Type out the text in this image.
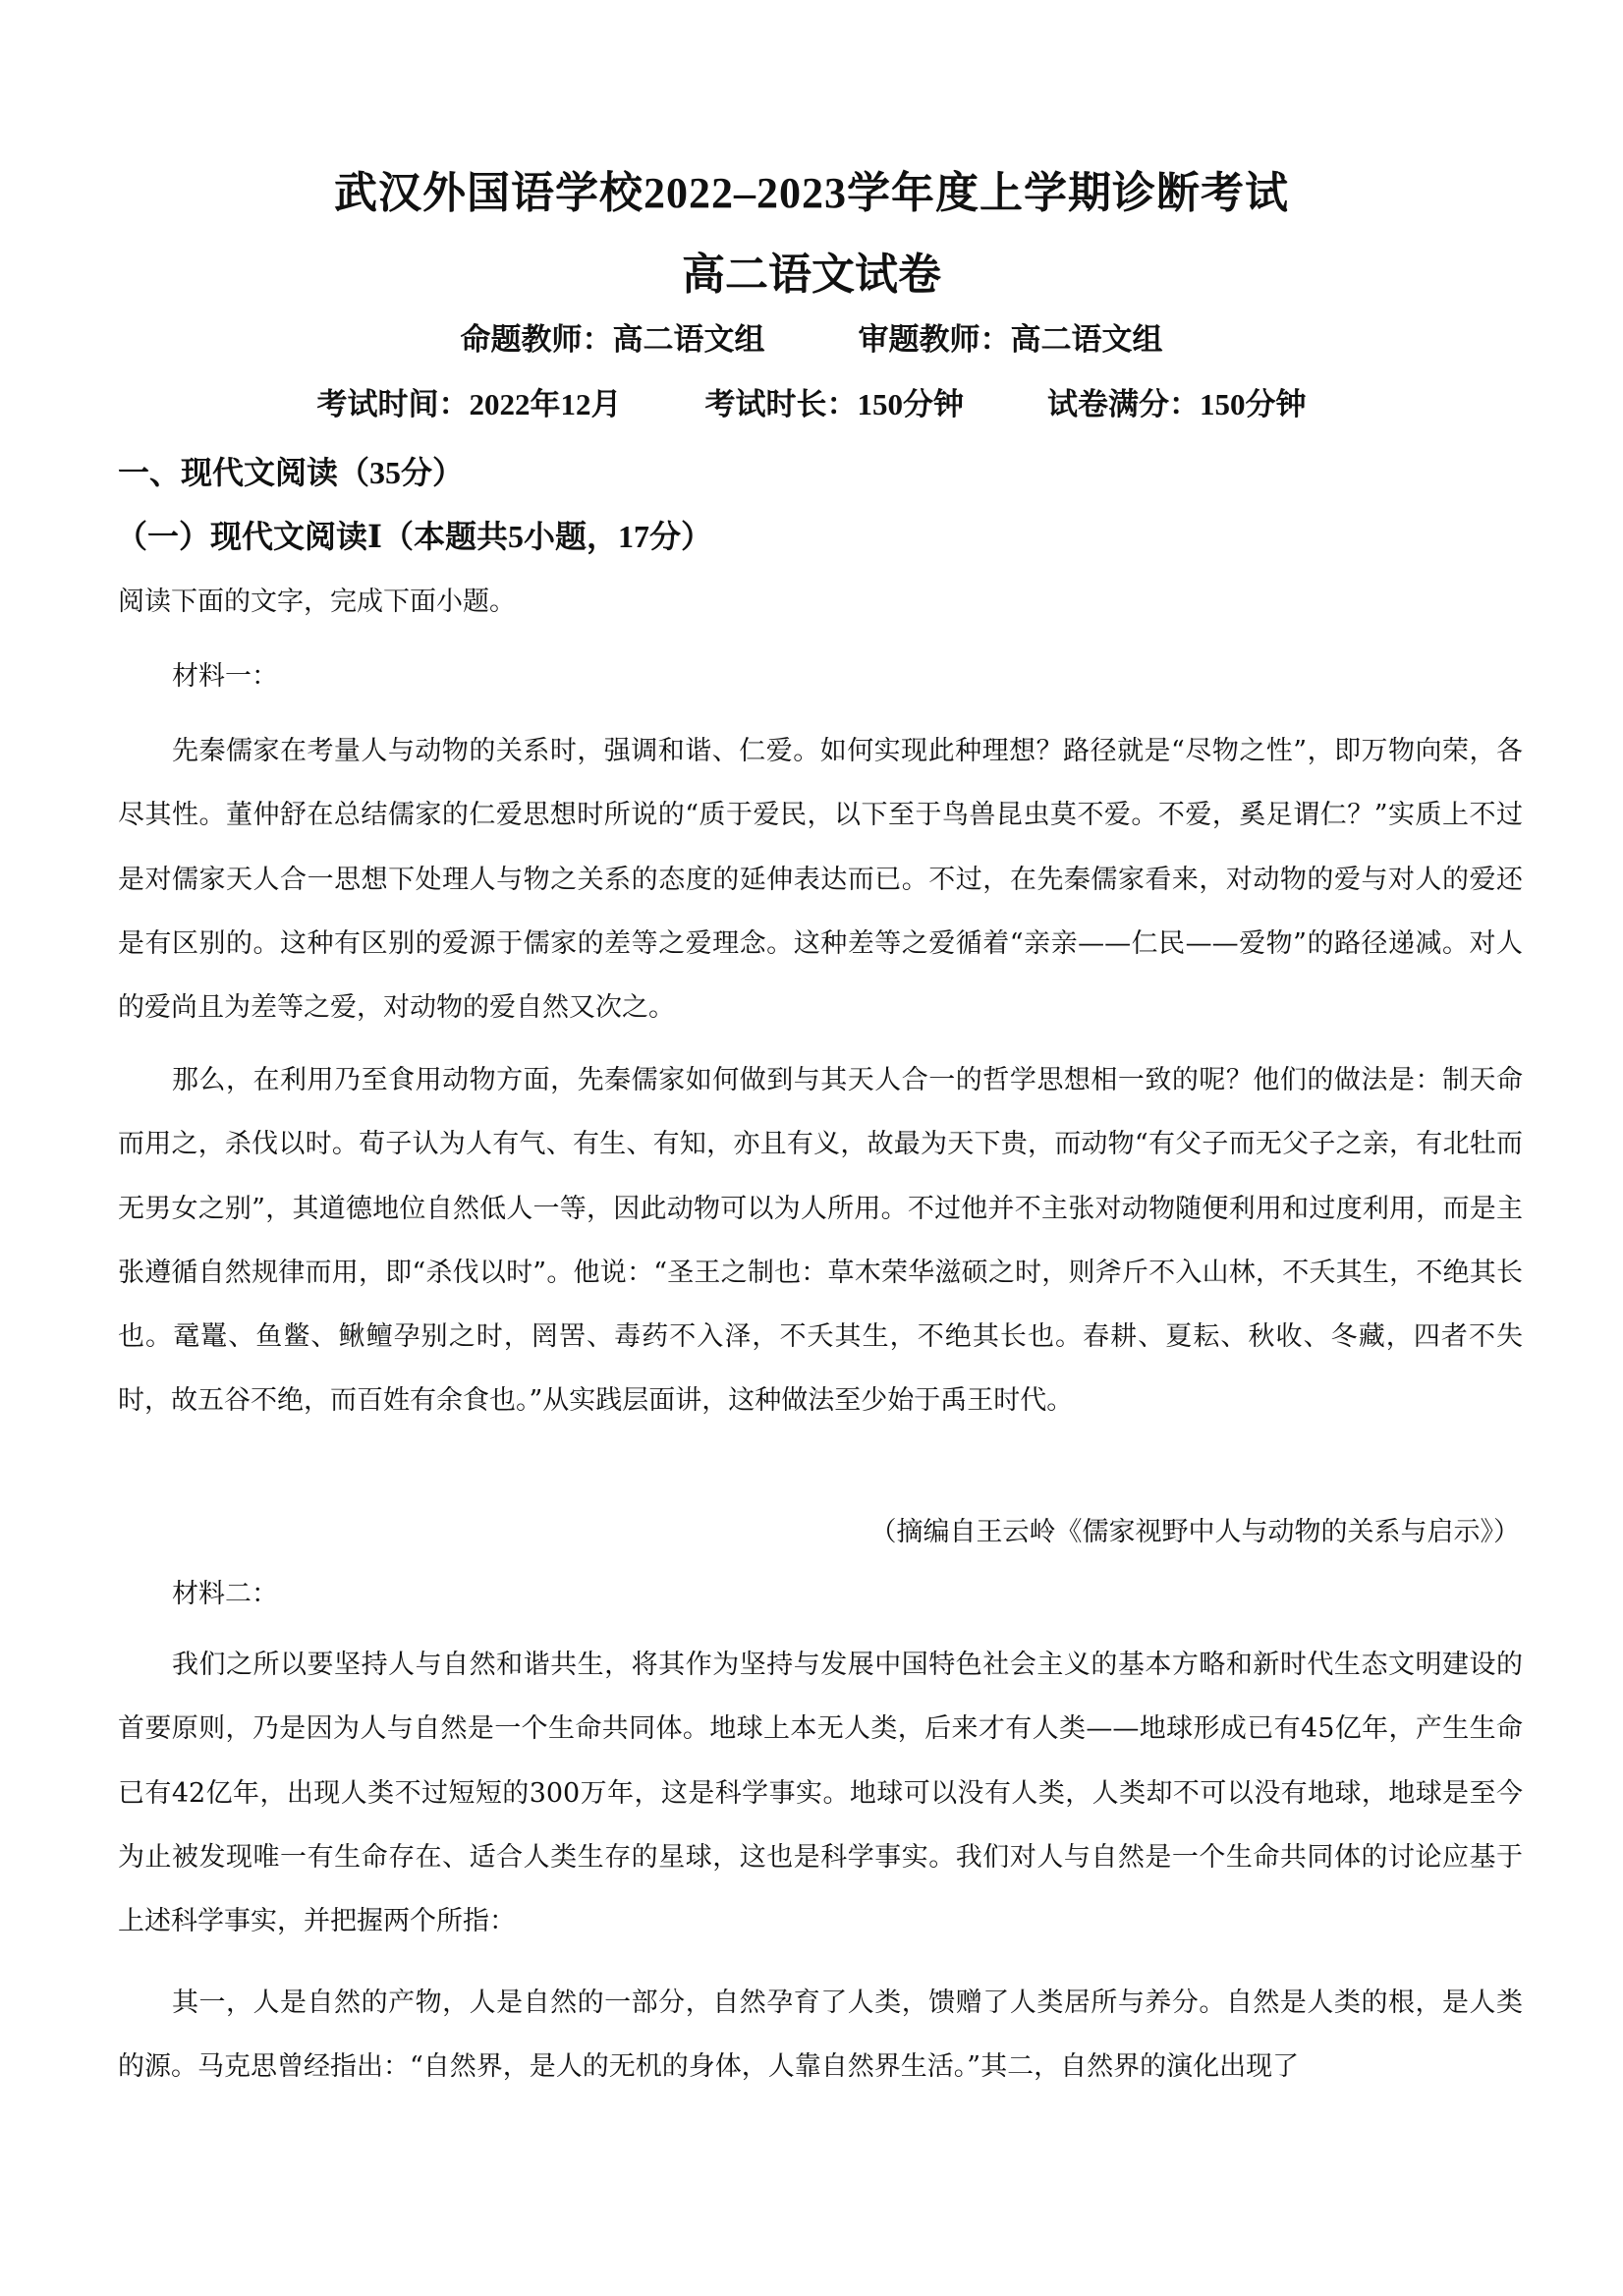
武汉外国语学校2022–2023学年度上学期诊断考试
高二语文试卷
命题教师：高二语文组	审题教师：高二语文组
考试时间：2022年12月	考试时长：150分钟	试卷满分：150分钟
一、现代文阅读（35分）
（一）现代文阅读Ⅰ（本题共5小题，17分）
阅读下面的文字，完成下面小题。
材料一：

先秦儒家在考量人与动物的关系时，强调和谐、仁爱。如何实现此种理想？路径就是“尽物之性”，即万物向荣，各尽其性。董仲舒在总结儒家的仁爱思想时所说的“质于爱民，以下至于鸟兽昆虫莫不爱。不爱，奚足谓仁？”实质上不过是对儒家天人合一思想下处理人与物之关系的态度的延伸表达而已。不过，在先秦儒家看来，对动物的爱与对人的爱还是有区别的。这种有区别的爱源于儒家的差等之爱理念。这种差等之爱循着“亲亲——仁民——爱物”的路径递减。对人的爱尚且为差等之爱，对动物的爱自然又次之。

那么，在利用乃至食用动物方面，先秦儒家如何做到与其天人合一的哲学思想相一致的呢？他们的做法是：制天命而用之，杀伐以时。荀子认为人有气、有生、有知，亦且有义，故最为天下贵，而动物“有父子而无父子之亲，有北牡而无男女之别”，其道德地位自然低人一等，因此动物可以为人所用。不过他并不主张对动物随便利用和过度利用，而是主张遵循自然规律而用，即“杀伐以时”。他说：“圣王之制也：草木荣华滋硕之时，则斧斤不入山林，不夭其生，不绝其长也。鼋鼍、鱼鳖、鳅鳣孕别之时，罔罟、毒药不入泽，不夭其生，不绝其长也。春耕、夏耘、秋收、冬藏，四者不失时，故五谷不绝，而百姓有余食也。”从实践层面讲，这种做法至少始于禹王时代。

（摘编自王云岭《儒家视野中人与动物的关系与启示》）
材料二：

我们之所以要坚持人与自然和谐共生，将其作为坚持与发展中国特色社会主义的基本方略和新时代生态文明建设的首要原则，乃是因为人与自然是一个生命共同体。地球上本无人类，后来才有人类——地球形成已有45亿年，产生生命已有42亿年，出现人类不过短短的300万年，这是科学事实。地球可以没有人类，人类却不可以没有地球，地球是至今为止被发现唯一有生命存在、适合人类生存的星球，这也是科学事实。我们对人与自然是一个生命共同体的讨论应基于上述科学事实，并把握两个所指：

其一，人是自然的产物，人是自然的一部分，自然孕育了人类，馈赠了人类居所与养分。自然是人类的根，是人类的源。马克思曾经指出：“自然界，是人的无机的身体，人靠自然界生活。”其二，自然界的演化出现了
